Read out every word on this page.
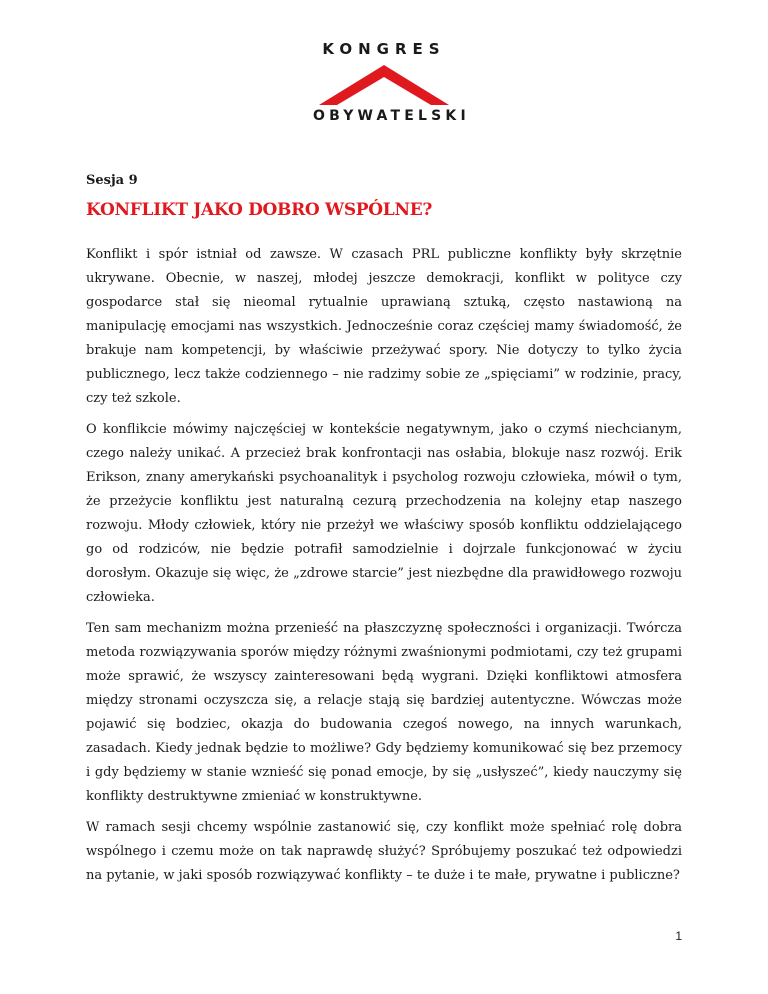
KONGRES
OBYWATELSKI
Sesja 9
KONFLIKT JAKO DOBRO WSPÓLNE?

Konflikt i spór istniał od zawsze. W czasach PRL publiczne konflikty były skrzętnie ukrywane. Obecnie, w naszej, młodej jeszcze demokracji, konflikt w polityce czy gospodarce stał się nieomal rytualnie uprawianą sztuką, często nastawioną na manipulację emocjami nas wszystkich. Jednocześnie coraz częściej mamy świadomość, że brakuje nam kompetencji, by właściwie przeżywać spory. Nie dotyczy to tylko życia publicznego, lecz także codziennego – nie radzimy sobie ze „spięciami” w rodzinie, pracy, czy też szkole.

O konflikcie mówimy najczęściej w kontekście negatywnym, jako o czymś niechcianym, czego należy unikać. A przecież brak konfrontacji nas osłabia, blokuje nasz rozwój. Erik Erikson, znany amerykański psychoanalityk i psycholog rozwoju człowieka, mówił o tym, że przeżycie konfliktu jest naturalną cezurą przechodzenia na kolejny etap naszego rozwoju. Młody człowiek, który nie przeżył we właściwy sposób konfliktu oddzielającego go od rodziców, nie będzie potrafił samodzielnie i dojrzale funkcjonować w życiu dorosłym. Okazuje się więc, że „zdrowe starcie” jest niezbędne dla prawidłowego rozwoju człowieka.

Ten sam mechanizm można przenieść na płaszczyznę społeczności i organizacji. Twórcza metoda rozwiązywania sporów między różnymi zwaśnionymi podmiotami, czy też grupami może sprawić, że wszyscy zainteresowani będą wygrani. Dzięki konfliktowi atmosfera między stronami oczyszcza się, a relacje stają się bardziej autentyczne. Wówczas może pojawić się bodziec, okazja do budowania czegoś nowego, na innych warunkach, zasadach. Kiedy jednak będzie to możliwe? Gdy będziemy komunikować się bez przemocy i gdy będziemy w stanie wznieść się ponad emocje, by się „usłyszeć”, kiedy nauczymy się konflikty destruktywne zmieniać w konstruktywne.

W ramach sesji chcemy wspólnie zastanowić się, czy konflikt może spełniać rolę dobra wspólnego i czemu może on tak naprawdę służyć? Spróbujemy poszukać też odpowiedzi na pytanie, w jaki sposób rozwiązywać konflikty – te duże i te małe, prywatne i publiczne?

1
